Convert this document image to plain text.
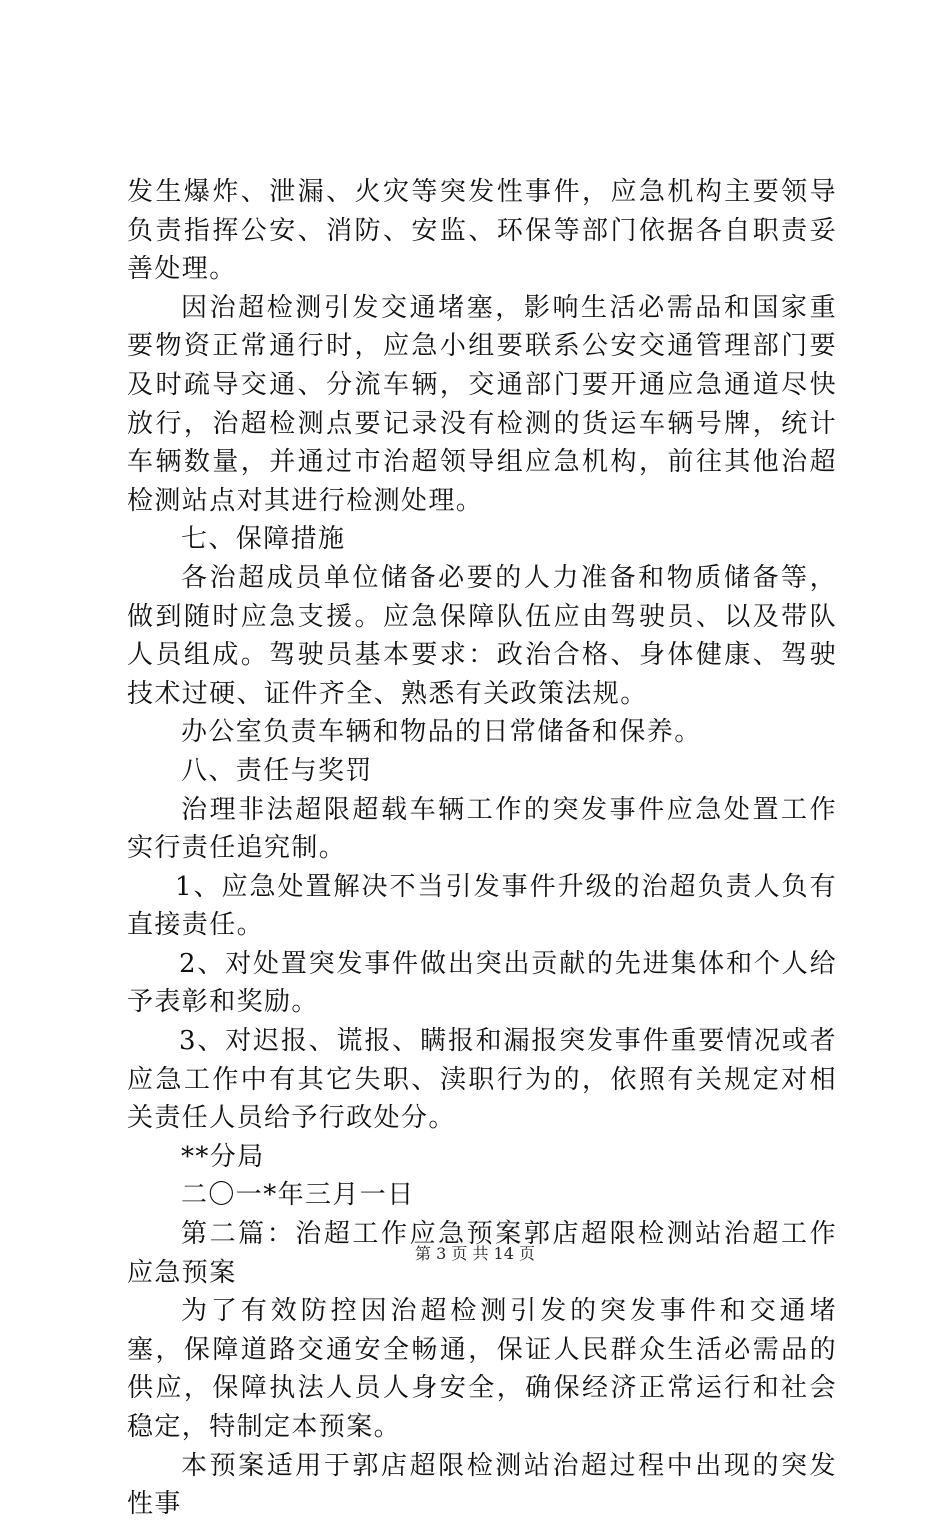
发生爆炸、泄漏、火灾等突发性事件，应急机构主要领导负责指挥公安、消防、安监、环保等部门依据各自职责妥善处理。

因治超检测引发交通堵塞，影响生活必需品和国家重要物资正常通行时，应急小组要联系公安交通管理部门要及时疏导交通、分流车辆，交通部门要开通应急通道尽快放行，治超检测点要记录没有检测的货运车辆号牌，统计车辆数量，并通过市治超领导组应急机构，前往其他治超检测站点对其进行检测处理。

七、保障措施

各治超成员单位储备必要的人力准备和物质储备等，做到随时应急支援。应急保障队伍应由驾驶员、以及带队人员组成。驾驶员基本要求：政治合格、身体健康、驾驶技术过硬、证件齐全、熟悉有关政策法规。

办公室负责车辆和物品的日常储备和保养。

八、责任与奖罚

治理非法超限超载车辆工作的突发事件应急处置工作实行责任追究制。

1、应急处置解决不当引发事件升级的治超负责人负有直接责任。

2、对处置突发事件做出突出贡献的先进集体和个人给予表彰和奖励。

3、对迟报、谎报、瞒报和漏报突发事件重要情况或者应急工作中有其它失职、渎职行为的，依照有关规定对相关责任人员给予行政处分。

**分局

二〇一*年三月一日

第二篇：治超工作应急预案郭店超限检测站治超工作应急预案

为了有效防控因治超检测引发的突发事件和交通堵塞，保障道路交通安全畅通，保证人民群众生活必需品的供应，保障执法人员人身安全，确保经济正常运行和社会稳定，特制定本预案。

本预案适用于郭店超限检测站治超过程中出现的突发性事

第 3 页 共 14 页
